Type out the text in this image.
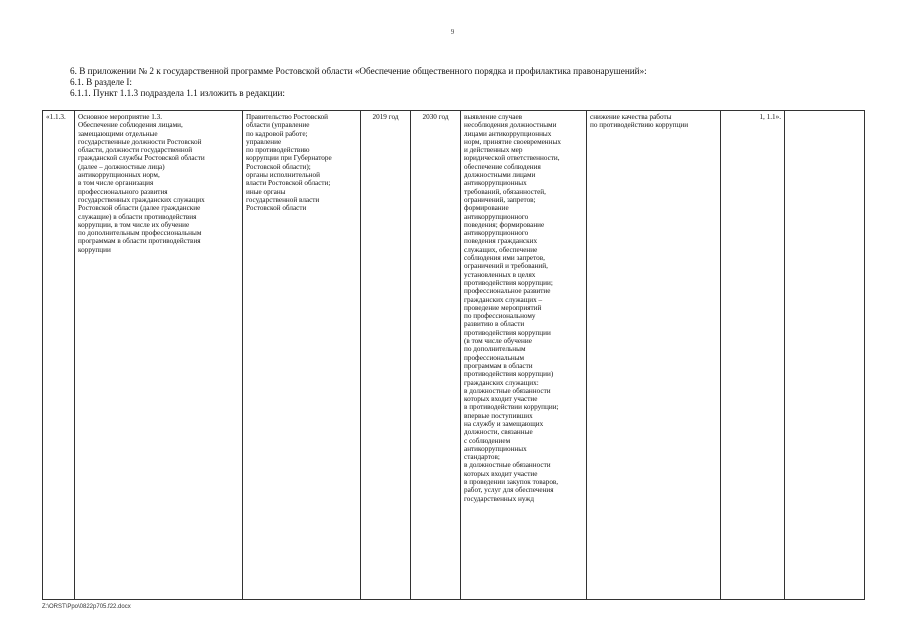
9
6. В приложении № 2 к государственной программе Ростовской области «Обеспечение общественного порядка и профилактика правонарушений»:
6.1. В разделе I:
6.1.1. Пункт 1.1.3 подраздела 1.1 изложить в редакции:
«1.1.3.	Основное мероприятие 1.3.
Обеспечение соблюдения лицами,
замещающими отдельные
государственные должности Ростовской
области, должности государственной
гражданской службы Ростовской области
(далее – должностные лица)
антикоррупционных норм,
в том числе организация
профессионального развития
государственных гражданских служащих
Ростовской области (далее гражданские
служащие) в области противодействия
коррупции, в том числе их обучение
по дополнительным профессиональным
программам в области противодействия
коррупции	Правительство Ростовской
области (управление
по кадровой работе;
управление
по противодействию
коррупции при Губернаторе
Ростовской области);
органы исполнительной
власти Ростовской области;
иные органы
государственной власти
Ростовской области	2019 год	2030 год	выявление случаев
несоблюдения должностными
лицами антикоррупционных
норм, принятие своевременных
и действенных мер
юридической ответственности,
обеспечение соблюдения
должностными лицами
антикоррупционных
требований, обязанностей,
ограничений, запретов;
формирование
антикоррупционного
поведения; формирование
антикоррупционного
поведения гражданских
служащих, обеспечение
соблюдения ими запретов,
ограничений и требований,
установленных в целях
противодействия коррупции;
профессиональное развитие
гражданских служащих –
проведение мероприятий
по профессиональному
развитию в области
противодействия коррупции
(в том числе обучение
по дополнительным
профессиональным
программам в области
противодействия коррупции)
гражданских служащих:
в должностные обязанности
которых входит участие
в противодействии коррупции;
впервые поступивших
на службу и замещающих
должности, связанные
с соблюдением
антикоррупционных
стандартов;
в должностные обязанности
которых входит участие
в проведении закупок товаров,
работ, услуг для обеспечения
государственных нужд	снижение качества работы
по противодействию коррупции	1, 1.1».	
Z:\ORST\Ppo\0822p705.f22.docx
